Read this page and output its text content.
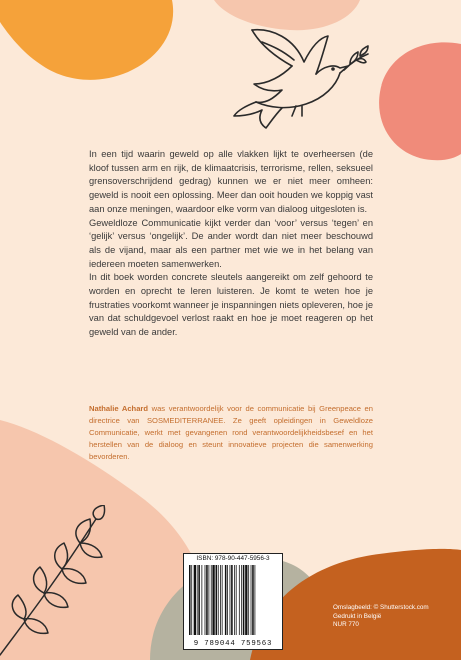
In een tijd waarin geweld op alle vlakken lijkt te overheersen (de kloof tussen arm en rijk, de klimaatcrisis, terrorisme, rellen, seksueel grensoverschrijdend gedrag) kunnen we er niet meer omheen: geweld is nooit een oplossing. Meer dan ooit houden we koppig vast aan onze meningen, waardoor elke vorm van dialoog uitgesloten is.

Geweldloze Communicatie kijkt verder dan ‘voor’ versus ‘tegen’ en ‘gelijk’ versus ‘ongelijk’. De ander wordt dan niet meer beschouwd als de vijand, maar als een partner met wie we in het belang van iedereen moeten samenwerken.

In dit boek worden concrete sleutels aangereikt om zelf gehoord te worden en oprecht te leren luisteren. Je komt te weten hoe je frustraties voorkomt wanneer je inspanningen niets opleveren, hoe je van dat schuldgevoel verlost raakt en hoe je moet reageren op het geweld van de ander.

Nathalie Achard was verantwoordelijk voor de communicatie bij Greenpeace en directrice van SOSMEDITERRANEE. Ze geeft opleidingen in Geweldloze Communicatie, werkt met gevangenen rond verantwoordelijkheidsbesef en het herstellen van de dialoog en steunt innovatieve projecten die samenwerking bevorderen.
ISBN: 978-90-447-5956-3
9 789044 759563
Omslagbeeld: © Shutterstock.com
Gedrukt in België
NUR 770
